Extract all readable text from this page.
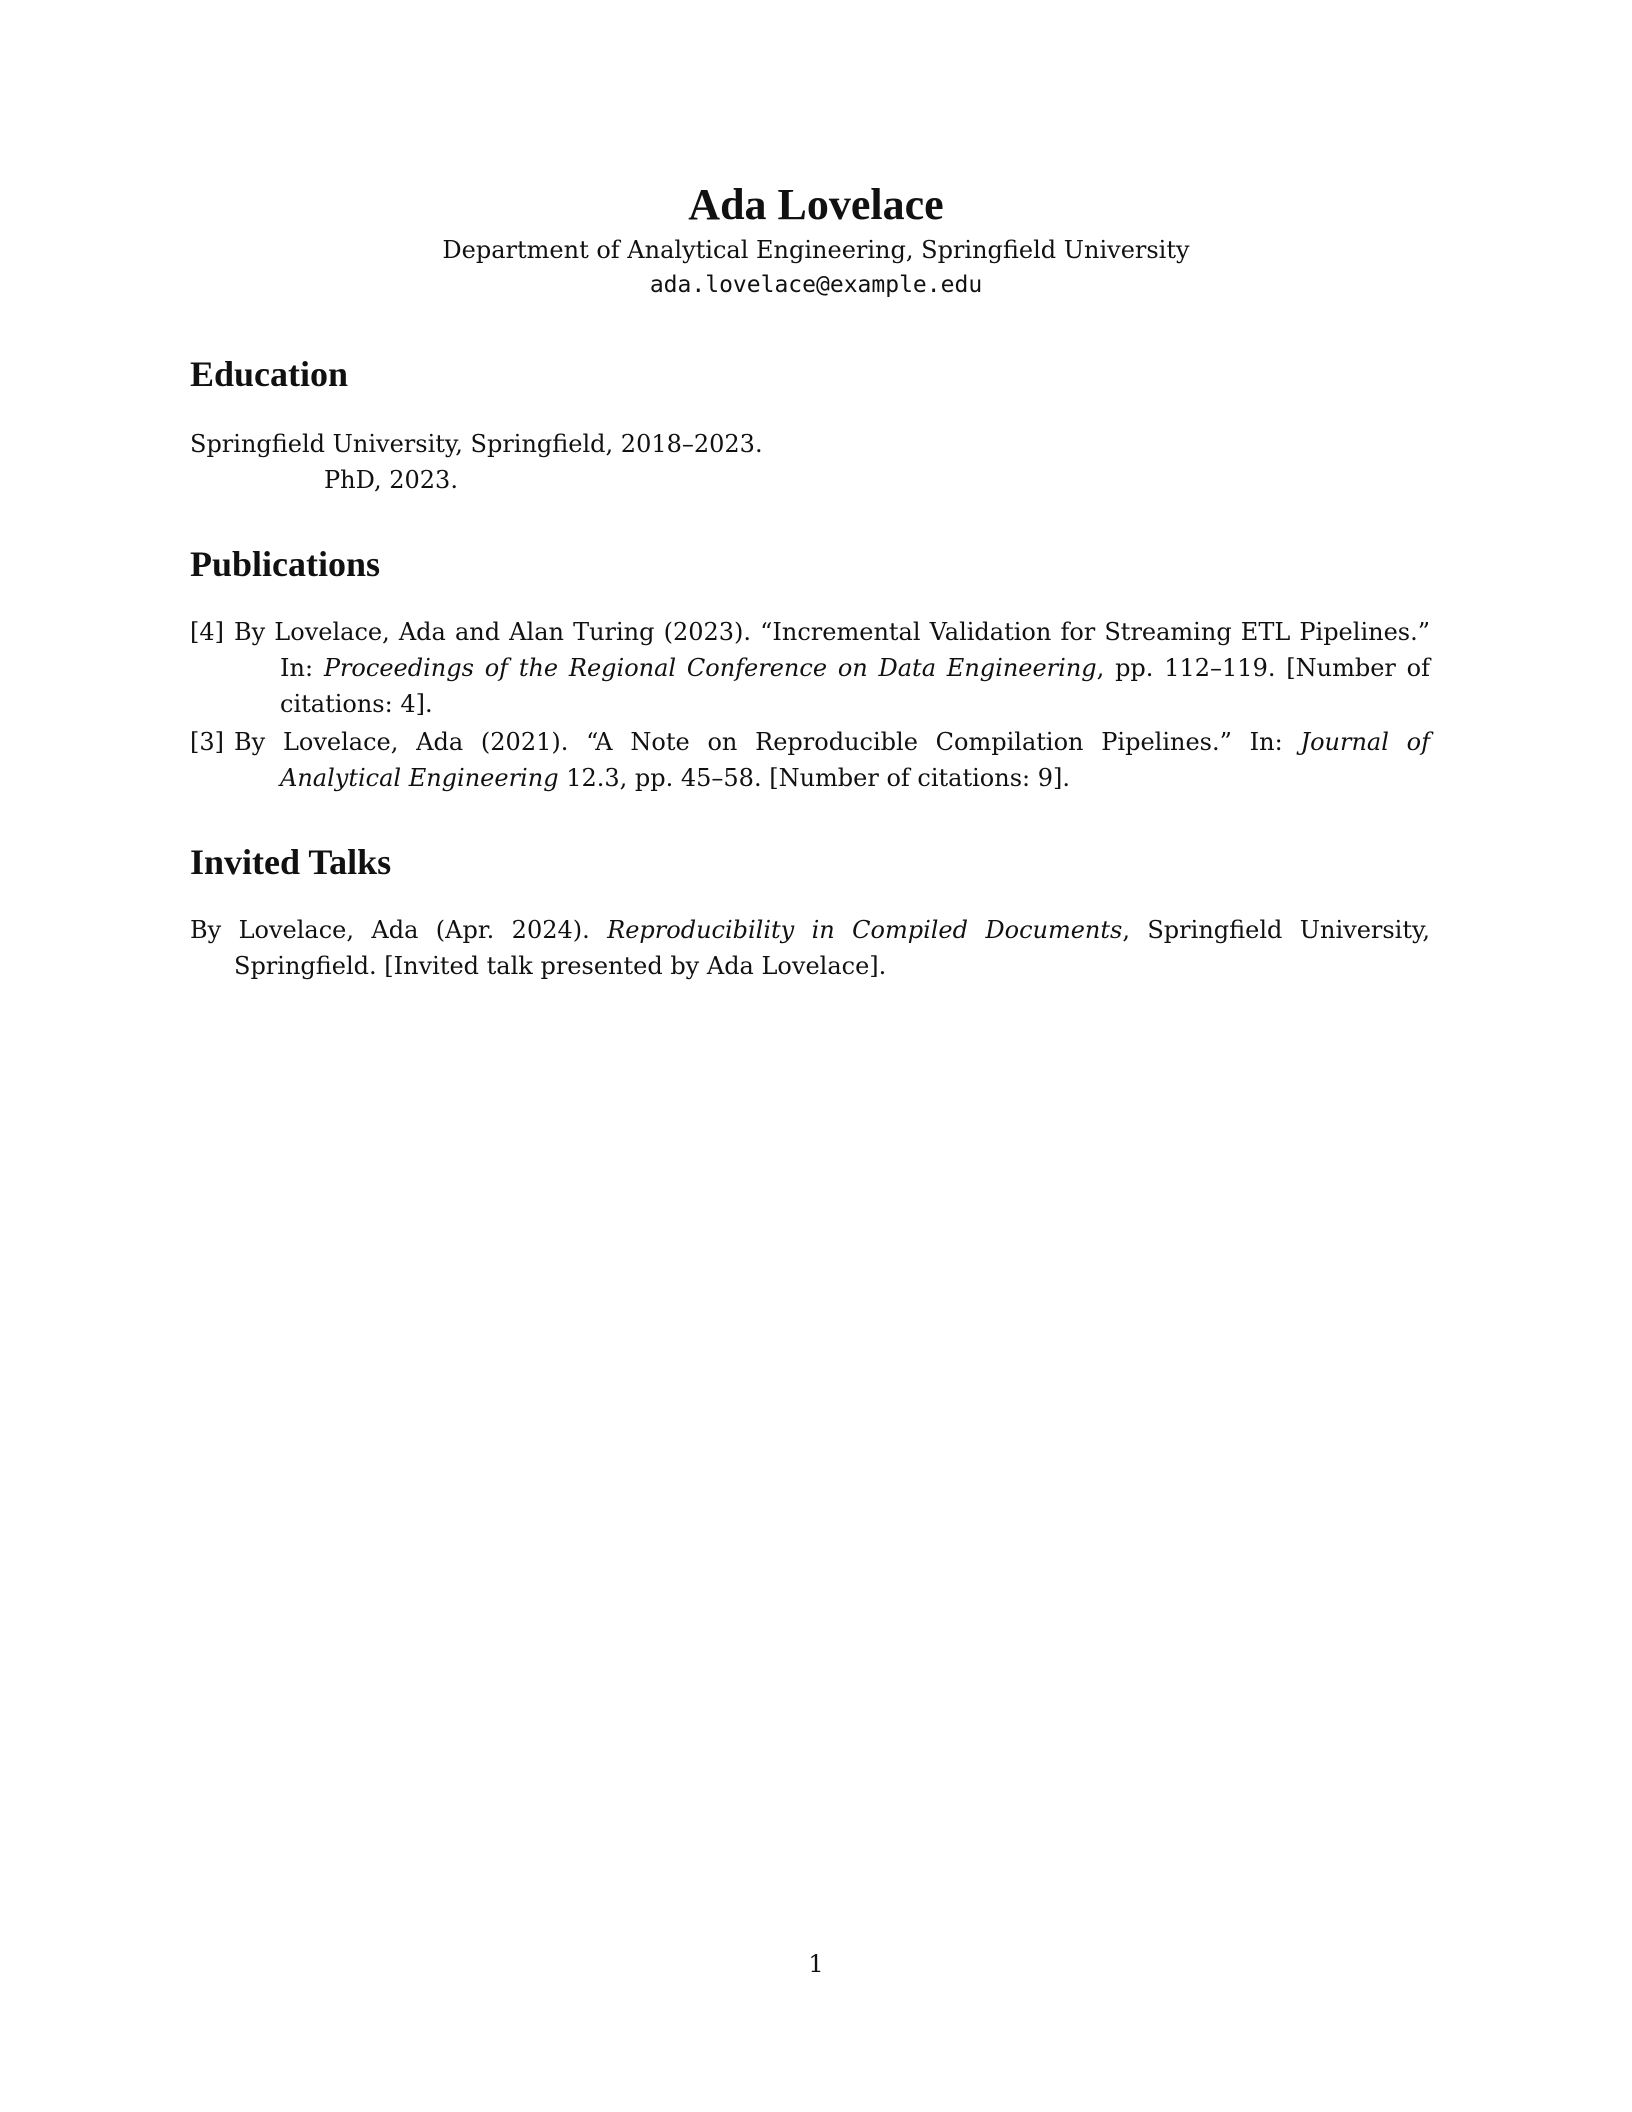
Ada Lovelace

Department of Analytical Engineering, Springfield University

ada.lovelace@example.edu

Education
Springfield University, Springfield, 2018–2023.
PhD, 2023.
Publications
[4] By Lovelace, Ada and Alan Turing (2023). “Incremental Validation for Streaming ETL Pipelines.” In: Proceedings of the Regional Conference on Data Engineering, pp. 112–119. [Number of citations: 4].
[3] By Lovelace, Ada (2021). “A Note on Reproducible Compilation Pipelines.” In: Journal of Analytical Engineering 12.3, pp. 45–58. [Number of citations: 9].
Invited Talks
By Lovelace, Ada (Apr. 2024). Reproducibility in Compiled Documents, Springfield University, Springfield. [Invited talk presented by Ada Lovelace].
1
